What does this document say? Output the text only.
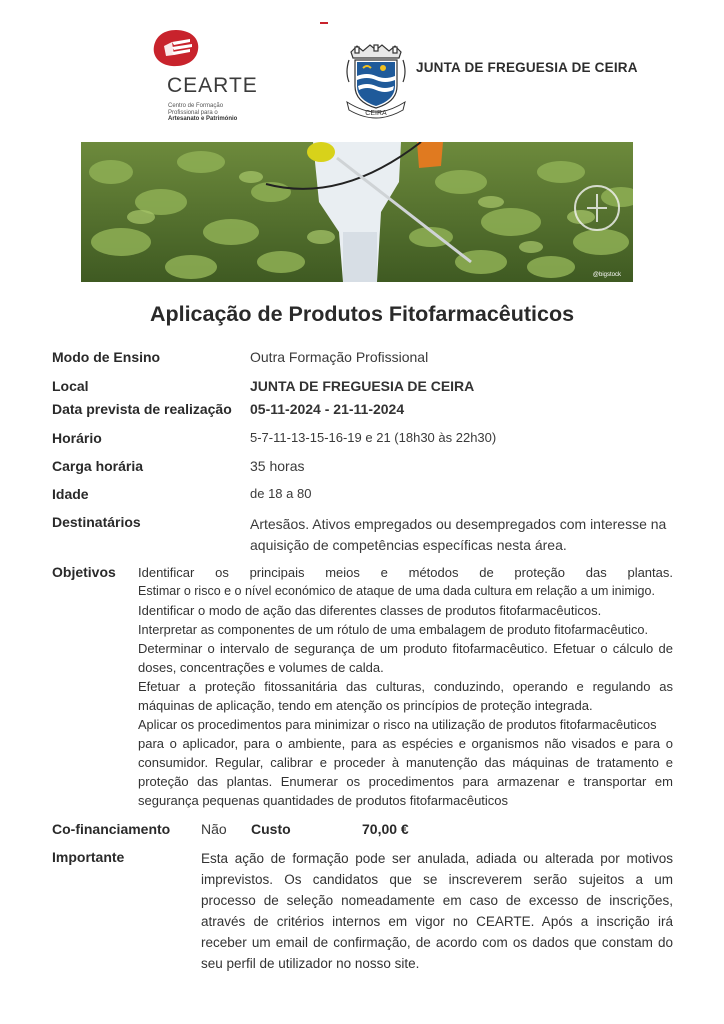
CEARTE
Centro de Formação
Profissional para o
Artesanato e Património
CEIRA
JUNTA DE FREGUESIA DE CEIRA
@bigstock
Aplicação de Produtos Fitofarmacêuticos
Modo de Ensino	Outra Formação Profissional
Local	JUNTA DE FREGUESIA DE CEIRA
Data prevista de realização 05-11-2024 - 21-11-2024
Horário	5-7-11-13-15-16-19 e 21 (18h30 às 22h30)
Carga horária	35 horas
Idade	de 18 a 80
Destinatários	Artesãos. Ativos empregados ou desempregados com interesse na
aquisição de competências específicas nesta área.
Objetivos Identificar os principais meios e métodos de proteção das plantas.
Estimar o risco e o nível económico de ataque de uma dada cultura em relação a um inimigo.
Identificar o modo de ação das diferentes classes de produtos fitofarmacêuticos.
Interpretar as componentes de um rótulo de uma embalagem de produto fitofarmacêutico.
Determinar o intervalo de segurança de um produto fitofarmacêutico. Efetuar o cálculo de
doses, concentrações e volumes de calda.
Efetuar a proteção fitossanitária das culturas, conduzindo, operando e regulando as
máquinas de aplicação, tendo em atenção os princípios de proteção integrada.
Aplicar os procedimentos para minimizar o risco na utilização de produtos fitofarmacêuticos
para o aplicador, para o ambiente, para as espécies e organismos não visados e para o
consumidor. Regular, calibrar e proceder à manutenção das máquinas de tratamento e
proteção das plantas. Enumerar os procedimentos para armazenar e transportar em
segurança pequenas quantidades de produtos fitofarmacêuticos
Co-financiamento Não Custo	70,00 €
Importante	Esta ação de formação pode ser anulada, adiada ou alterada por motivos
imprevistos. Os candidatos que se inscreverem serão sujeitos a um
processo de seleção nomeadamente em caso de excesso de inscrições,
através de critérios internos em vigor no CEARTE. Após a inscrição irá
receber um email de confirmação, de acordo com os dados que constam do
seu perfil de utilizador no nosso site.
